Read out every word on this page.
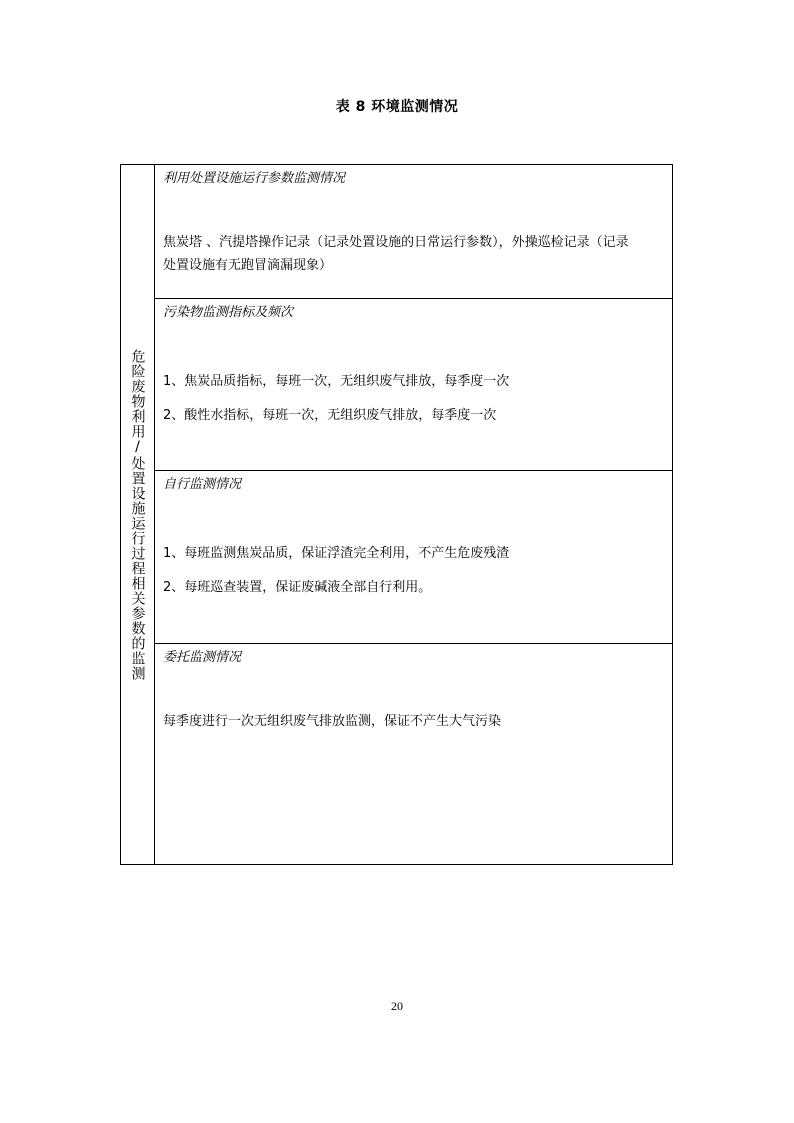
表 8 环境监测情况
危险废物利用/处置设施运行过程相关参数的监测
利用处置设施运行参数监测情况
焦炭塔 、汽提塔操作记录（记录处置设施的日常运行参数），外操巡检记录（记录
处置设施有无跑冒滴漏现象）
污染物监测指标及频次
1、焦炭品质指标，每班一次，无组织废气排放，每季度一次
2、酸性水指标，每班一次，无组织废气排放，每季度一次
自行监测情况
1、每班监测焦炭品质，保证浮渣完全利用，不产生危废残渣
2、每班巡查装置，保证废碱液全部自行利用。
委托监测情况
每季度进行一次无组织废气排放监测，保证不产生大气污染
20
